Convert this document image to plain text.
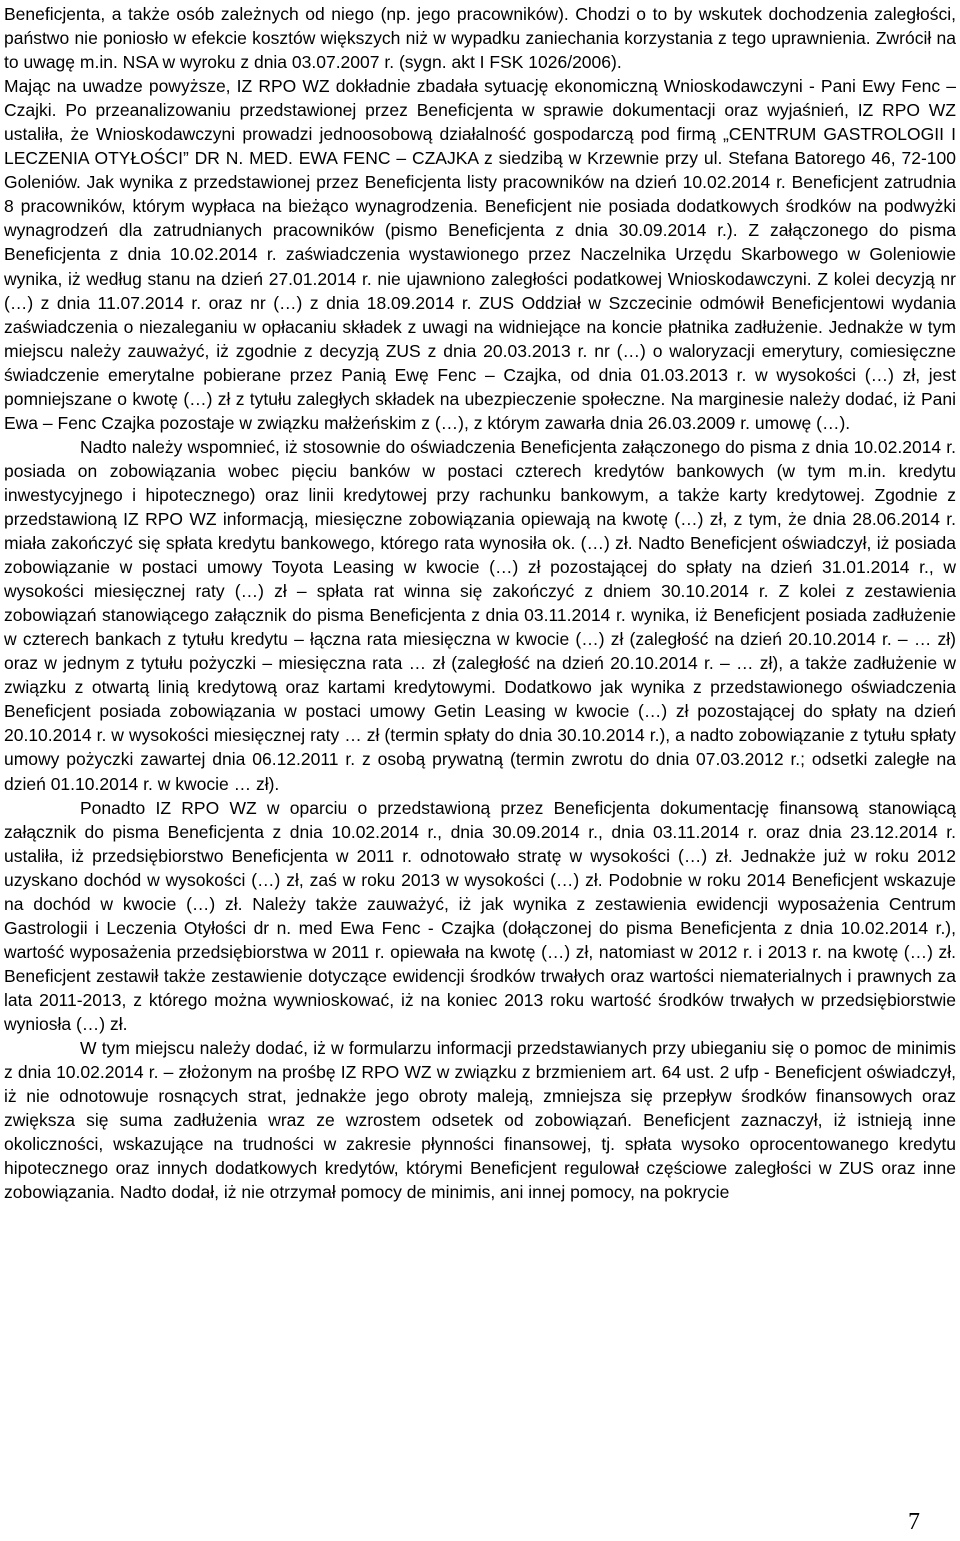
Beneficjenta, a także osób zależnych od niego (np. jego pracowników). Chodzi o to by wskutek dochodzenia zaległości, państwo nie poniosło w efekcie kosztów większych niż w wypadku zaniechania korzystania z tego uprawnienia. Zwrócił na to uwagę m.in. NSA w wyroku z dnia 03.07.2007 r. (sygn. akt I FSK 1026/2006).

Mając na uwadze powyższe, IZ RPO WZ dokładnie zbadała sytuację ekonomiczną Wnioskodawczyni - Pani Ewy Fenc – Czajki. Po przeanalizowaniu przedstawionej przez Beneficjenta w sprawie dokumentacji oraz wyjaśnień, IZ RPO WZ ustaliła, że Wnioskodawczyni prowadzi jednoosobową działalność gospodarczą pod firmą „CENTRUM GASTROLOGII I LECZENIA OTYŁOŚCI” DR N. MED. EWA FENC – CZAJKA z siedzibą w Krzewnie przy ul. Stefana Batorego 46, 72-100 Goleniów. Jak wynika z przedstawionej przez Beneficjenta listy pracowników na dzień 10.02.2014 r. Beneficjent zatrudnia 8 pracowników, którym wypłaca na bieżąco wynagrodzenia. Beneficjent nie posiada dodatkowych środków na podwyżki wynagrodzeń dla zatrudnianych pracowników (pismo Beneficjenta z dnia 30.09.2014 r.). Z załączonego do pisma Beneficjenta z dnia 10.02.2014 r. zaświadczenia wystawionego przez Naczelnika Urzędu Skarbowego w Goleniowie wynika, iż według stanu na dzień 27.01.2014 r. nie ujawniono zaległości podatkowej Wnioskodawczyni. Z kolei decyzją nr (…) z dnia 11.07.2014 r. oraz nr (…) z dnia 18.09.2014 r. ZUS Oddział w Szczecinie odmówił Beneficjentowi wydania zaświadczenia o niezaleganiu w opłacaniu składek z uwagi na widniejące na koncie płatnika zadłużenie. Jednakże w tym miejscu należy zauważyć, iż zgodnie z decyzją ZUS z dnia 20.03.2013 r. nr (…) o waloryzacji emerytury, comiesięczne świadczenie emerytalne pobierane przez Panią Ewę Fenc – Czajka, od dnia 01.03.2013 r. w wysokości (…) zł, jest pomniejszane o kwotę (…) zł z tytułu zaległych składek na ubezpieczenie społeczne. Na marginesie należy dodać, iż Pani Ewa – Fenc Czajka pozostaje w związku małżeńskim z (…), z którym zawarła dnia 26.03.2009 r. umowę (…).

Nadto należy wspomnieć, iż stosownie do oświadczenia Beneficjenta załączonego do pisma z dnia 10.02.2014 r. posiada on zobowiązania wobec pięciu banków w postaci czterech kredytów bankowych (w tym m.in. kredytu inwestycyjnego i hipotecznego) oraz linii kredytowej przy rachunku bankowym, a także karty kredytowej. Zgodnie z przedstawioną IZ RPO WZ informacją, miesięczne zobowiązania opiewają na kwotę (…) zł, z tym, że dnia 28.06.2014 r. miała zakończyć się spłata kredytu bankowego, którego rata wynosiła ok. (…) zł. Nadto Beneficjent oświadczył, iż posiada zobowiązanie w postaci umowy Toyota Leasing w kwocie (…) zł pozostającej do spłaty na dzień 31.01.2014 r., w wysokości miesięcznej raty (…) zł – spłata rat winna się zakończyć z dniem 30.10.2014 r. Z kolei z zestawienia zobowiązań stanowiącego załącznik do pisma Beneficjenta z dnia 03.11.2014 r. wynika, iż Beneficjent posiada zadłużenie w czterech bankach z tytułu kredytu – łączna rata miesięczna w kwocie (…) zł (zaległość na dzień 20.10.2014 r. – … zł) oraz w jednym z tytułu pożyczki – miesięczna rata … zł (zaległość na dzień 20.10.2014 r. – … zł), a także zadłużenie w związku z otwartą linią kredytową oraz kartami kredytowymi. Dodatkowo jak wynika z przedstawionego oświadczenia Beneficjent posiada zobowiązania w postaci umowy Getin Leasing w kwocie (…) zł pozostającej do spłaty na dzień 20.10.2014 r. w wysokości miesięcznej raty … zł (termin spłaty do dnia 30.10.2014 r.), a nadto zobowiązanie z tytułu spłaty umowy pożyczki zawartej dnia 06.12.2011 r. z osobą prywatną (termin zwrotu do dnia 07.03.2012 r.; odsetki zaległe na dzień 01.10.2014 r. w kwocie … zł).

Ponadto IZ RPO WZ w oparciu o przedstawioną przez Beneficjenta dokumentację finansową stanowiącą załącznik do pisma Beneficjenta z dnia 10.02.2014 r., dnia 30.09.2014 r., dnia 03.11.2014 r. oraz dnia 23.12.2014 r. ustaliła, iż przedsiębiorstwo Beneficjenta w 2011 r. odnotowało stratę w wysokości (…) zł. Jednakże już w roku 2012 uzyskano dochód w wysokości (…) zł, zaś w roku 2013 w wysokości (…) zł. Podobnie w roku 2014 Beneficjent wskazuje na dochód w kwocie (…) zł. Należy także zauważyć, iż jak wynika z zestawienia ewidencji wyposażenia Centrum Gastrologii i Leczenia Otyłości dr n. med Ewa Fenc - Czajka (dołączonej do pisma Beneficjenta z dnia 10.02.2014 r.), wartość wyposażenia przedsiębiorstwa w 2011 r. opiewała na kwotę (…) zł, natomiast w 2012 r. i 2013 r. na kwotę (…) zł. Beneficjent zestawił także zestawienie dotyczące ewidencji środków trwałych oraz wartości niematerialnych i prawnych za lata 2011-2013, z którego można wywnioskować, iż na koniec 2013 roku wartość środków trwałych w przedsiębiorstwie wyniosła (…) zł.

W tym miejscu należy dodać, iż w formularzu informacji przedstawianych przy ubieganiu się o pomoc de minimis z dnia 10.02.2014 r. – złożonym na prośbę IZ RPO WZ w związku z brzmieniem art. 64 ust. 2 ufp - Beneficjent oświadczył, iż nie odnotowuje rosnących strat, jednakże jego obroty maleją, zmniejsza się przepływ środków finansowych oraz zwiększa się suma zadłużenia wraz ze wzrostem odsetek od zobowiązań. Beneficjent zaznaczył, iż istnieją inne okoliczności, wskazujące na trudności w zakresie płynności finansowej, tj. spłata wysoko oprocentowanego kredytu hipotecznego oraz innych dodatkowych kredytów, którymi Beneficjent regulował częściowe zaległości w ZUS oraz inne zobowiązania. Nadto dodał, iż nie otrzymał pomocy de minimis, ani innej pomocy, na pokrycie

7
